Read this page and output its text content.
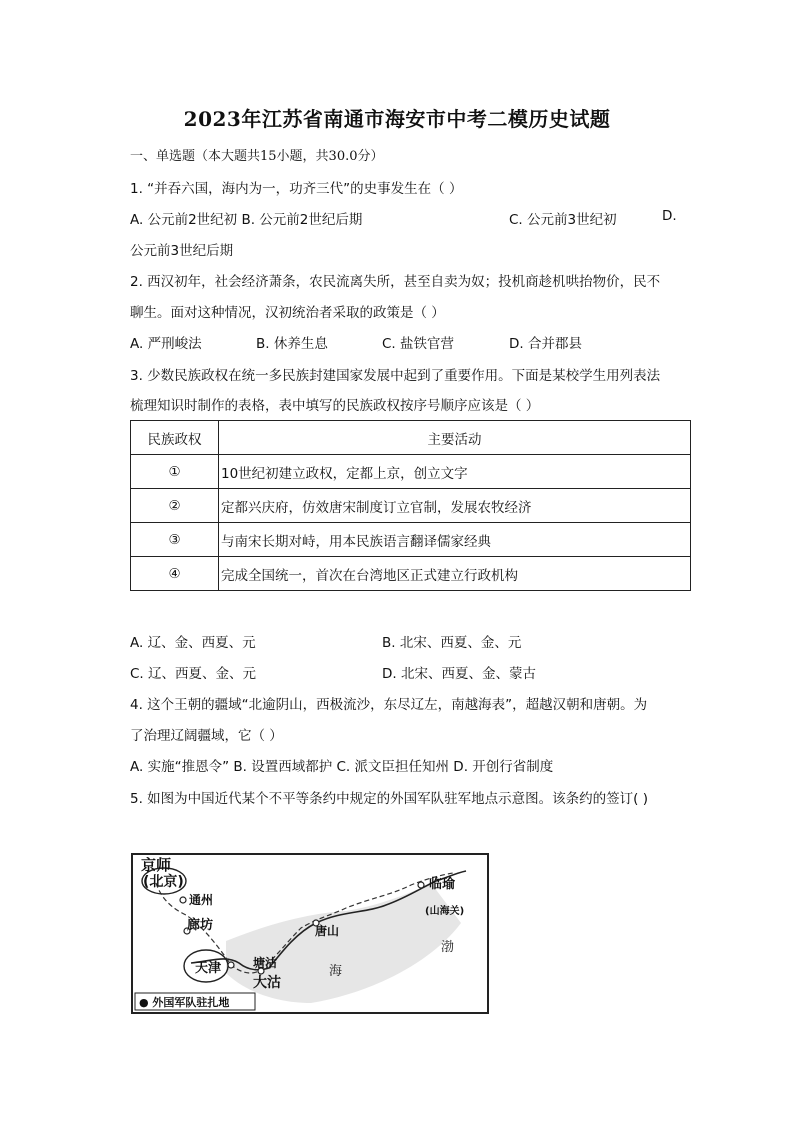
2023年江苏省南通市海安市中考二模历史试题
一、单选题（本大题共15小题，共30.0分）
1. “并吞六国，海内为一，功齐三代”的史事发生在（ ）
A. 公元前2世纪初 B. 公元前2世纪后期	C. 公元前3世纪初	D.
公元前3世纪后期
2. 西汉初年，社会经济萧条，农民流离失所，甚至自卖为奴；投机商趁机哄抬物价，民不
聊生。面对这种情况，汉初统治者采取的政策是（ ）
A. 严刑峻法	B. 休养生息	C. 盐铁官营	D. 合并郡县
3. 少数民族政权在统一多民族封建国家发展中起到了重要作用。下面是某校学生用列表法
梳理知识时制作的表格，表中填写的民族政权按序号顺序应该是（ ）
民族政权	主要活动
①	10世纪初建立政权，定都上京，创立文字
②	定都兴庆府，仿效唐宋制度订立官制，发展农牧经济
③	与南宋长期对峙，用本民族语言翻译儒家经典
④	完成全国统一，首次在台湾地区正式建立行政机构
A. 辽、金、西夏、元	B. 北宋、西夏、金、元
C. 辽、西夏、金、元	D. 北宋、西夏、金、蒙古
4. 这个王朝的疆域“北逾阴山，西极流沙，东尽辽左，南越海表”，超越汉朝和唐朝。为
了治理辽阔疆域，它（ ）
A. 实施“推恩令” B. 设置西域都护 C. 派文臣担任知州 D. 开创行省制度
5. 如图为中国近代某个不平等条约中规定的外国军队驻军地点示意图。该条约的签订( )
京师
(北京)
通州
廊坊
天津	塘沽
大沽
唐山
临瑜
(山海关)
渤
海
● 外国军队驻扎地
